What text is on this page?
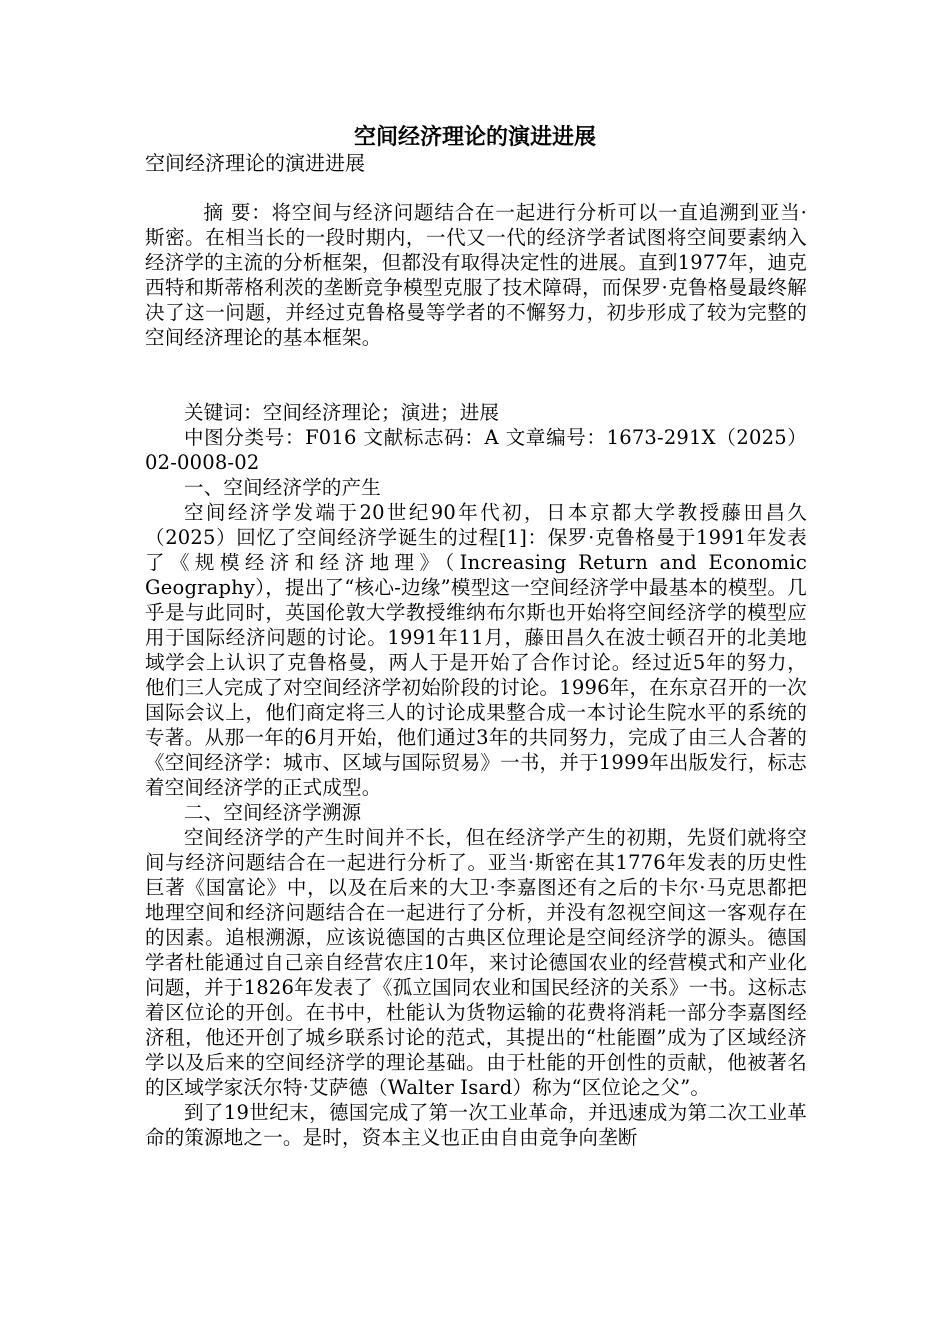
空间经济理论的演进进展
空间经济理论的演进进展

摘 要：将空间与经济问题结合在一起进行分析可以一直追溯到亚当·斯密。在相当长的一段时期内，一代又一代的经济学者试图将空间要素纳入经济学的主流的分析框架，但都没有取得决定性的进展。直到1977年，迪克西特和斯蒂格利茨的垄断竞争模型克服了技术障碍，而保罗·克鲁格曼最终解决了这一问题，并经过克鲁格曼等学者的不懈努力，初步形成了较为完整的空间经济理论的基本框架。

关键词：空间经济理论；演进；进展

中图分类号：F016 文献标志码：A 文章编号：1673-291X（2025）02-0008-02

一、空间经济学的产生

空间经济学发端于20世纪90年代初，日本京都大学教授藤田昌久（2025）回忆了空间经济学诞生的过程[1]：保罗·克鲁格曼于1991年发表了《规模经济和经济地理》（Increasing Return and Economic Geography），提出了“核心-边缘”模型这一空间经济学中最基本的模型。几乎是与此同时，英国伦敦大学教授维纳布尔斯也开始将空间经济学的模型应用于国际经济问题的讨论。1991年11月，藤田昌久在波士顿召开的北美地域学会上认识了克鲁格曼，两人于是开始了合作讨论。经过近5年的努力，他们三人完成了对空间经济学初始阶段的讨论。1996年，在东京召开的一次国际会议上，他们商定将三人的讨论成果整合成一本讨论生院水平的系统的专著。从那一年的6月开始，他们通过3年的共同努力，完成了由三人合著的《空间经济学：城市、区域与国际贸易》一书，并于1999年出版发行，标志着空间经济学的正式成型。

二、空间经济学溯源

空间经济学的产生时间并不长，但在经济学产生的初期，先贤们就将空间与经济问题结合在一起进行分析了。亚当·斯密在其1776年发表的历史性巨著《国富论》中，以及在后来的大卫·李嘉图还有之后的卡尔·马克思都把地理空间和经济问题结合在一起进行了分析，并没有忽视空间这一客观存在的因素。追根溯源，应该说德国的古典区位理论是空间经济学的源头。德国学者杜能通过自己亲自经营农庄10年，来讨论德国农业的经营模式和产业化问题，并于1826年发表了《孤立国同农业和国民经济的关系》一书。这标志着区位论的开创。在书中，杜能认为货物运输的花费将消耗一部分李嘉图经济租，他还开创了城乡联系讨论的范式，其提出的“杜能圈”成为了区域经济学以及后来的空间经济学的理论基础。由于杜能的开创性的贡献，他被著名的区域学家沃尔特·艾萨德（Walter Isard）称为“区位论之父”。

到了19世纪末，德国完成了第一次工业革命，并迅速成为第二次工业革命的策源地之一。是时，资本主义也正由自由竞争向垄断
